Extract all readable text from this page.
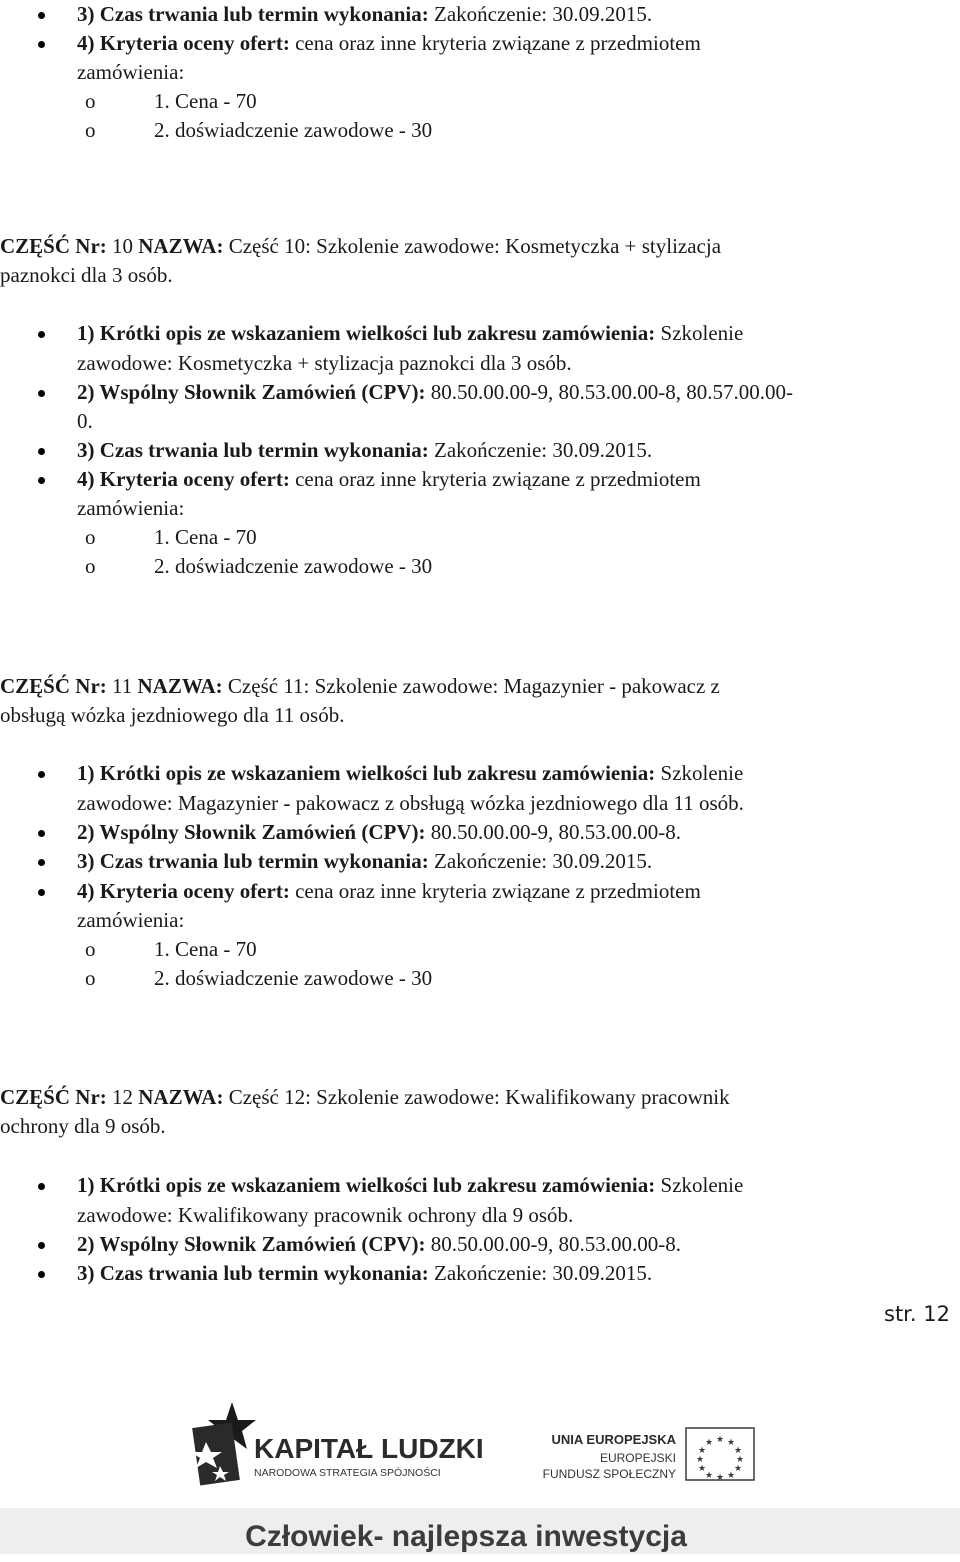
3) Czas trwania lub termin wykonania: Zakończenie: 30.09.2015.
4) Kryteria oceny ofert: cena oraz inne kryteria związane z przedmiotem
zamówienia:
o	1. Cena - 70
o	2. doświadczenie zawodowe - 30
CZĘŚĆ Nr: 10 NAZWA: Część 10: Szkolenie zawodowe: Kosmetyczka + stylizacja
paznokci dla 3 osób.
1) Krótki opis ze wskazaniem wielkości lub zakresu zamówienia: Szkolenie
zawodowe: Kosmetyczka + stylizacja paznokci dla 3 osób.
2) Wspólny Słownik Zamówień (CPV): 80.50.00.00-9, 80.53.00.00-8, 80.57.00.00-
0.
3) Czas trwania lub termin wykonania: Zakończenie: 30.09.2015.
4) Kryteria oceny ofert: cena oraz inne kryteria związane z przedmiotem
zamówienia:
o	1. Cena - 70
o	2. doświadczenie zawodowe - 30
CZĘŚĆ Nr: 11 NAZWA: Część 11: Szkolenie zawodowe: Magazynier - pakowacz z
obsługą wózka jezdniowego dla 11 osób.
1) Krótki opis ze wskazaniem wielkości lub zakresu zamówienia: Szkolenie
zawodowe: Magazynier - pakowacz z obsługą wózka jezdniowego dla 11 osób.
2) Wspólny Słownik Zamówień (CPV): 80.50.00.00-9, 80.53.00.00-8.
3) Czas trwania lub termin wykonania: Zakończenie: 30.09.2015.
4) Kryteria oceny ofert: cena oraz inne kryteria związane z przedmiotem
zamówienia:
o	1. Cena - 70
o	2. doświadczenie zawodowe - 30
CZĘŚĆ Nr: 12 NAZWA: Część 12: Szkolenie zawodowe: Kwalifikowany pracownik
ochrony dla 9 osób.
1) Krótki opis ze wskazaniem wielkości lub zakresu zamówienia: Szkolenie
zawodowe: Kwalifikowany pracownik ochrony dla 9 osób.
2) Wspólny Słownik Zamówień (CPV): 80.50.00.00-9, 80.53.00.00-8.
3) Czas trwania lub termin wykonania: Zakończenie: 30.09.2015.
str. 12
KAPITAŁ LUDZKI
NARODOWA STRATEGIA SPÓJNOŚCI
UNIA EUROPEJSKA
EUROPEJSKI
FUNDUSZ SPOŁECZNY
★ ★
★
★
★
★
★
★
★
★
★
★
Człowiek- najlepsza inwestycja
